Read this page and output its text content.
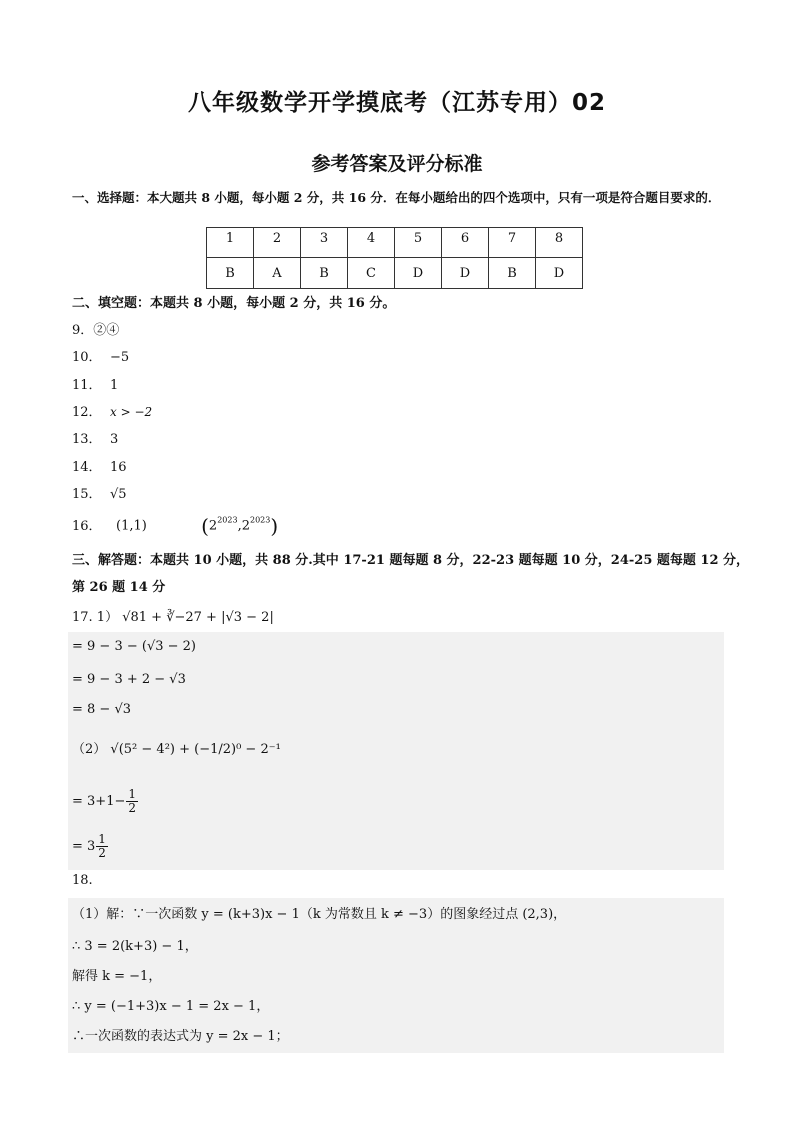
八年级数学开学摸底考（江苏专用）02
参考答案及评分标准
一、选择题：本大题共 8 小题，每小题 2 分，共 16 分．在每小题给出的四个选项中，只有一项是符合题目要求的．
1	2	3	4	5	6	7	8
B	A	B	C	D	D	B	D
二、填空题：本题共 8 小题，每小题 2 分，共 16 分。
9．②④
10． −5
11． 1
12． x > −2
13． 3
14． 16
15． √5
16． (1,1)	$(2^{2023},2^{2023})$
三、解答题：本题共 10 小题，共 88 分.其中 17-21 题每题 8 分，22-23 题每题 10 分，24-25 题每题 12 分，
第 26 题 14 分
17. 1） √81 + ∛−27 + |√3 − 2|
= 9 − 3 − (√3 − 2)
= 9 − 3 + 2 − √3
= 8 − √3
（2） √(5² − 4²) + (−1/2)⁰ − 2⁻¹
= $3+1- \frac{1}{2}$
= $3 \frac{1}{2}$
18.
（1）解：∵一次函数 y = (k+3)x − 1（k 为常数且 k ≠ −3）的图象经过点 (2,3)，
∴ 3 = 2(k+3) − 1，
解得 k = −1，
∴ y = (−1+3)x − 1 = 2x − 1，
∴一次函数的表达式为 y = 2x − 1；
